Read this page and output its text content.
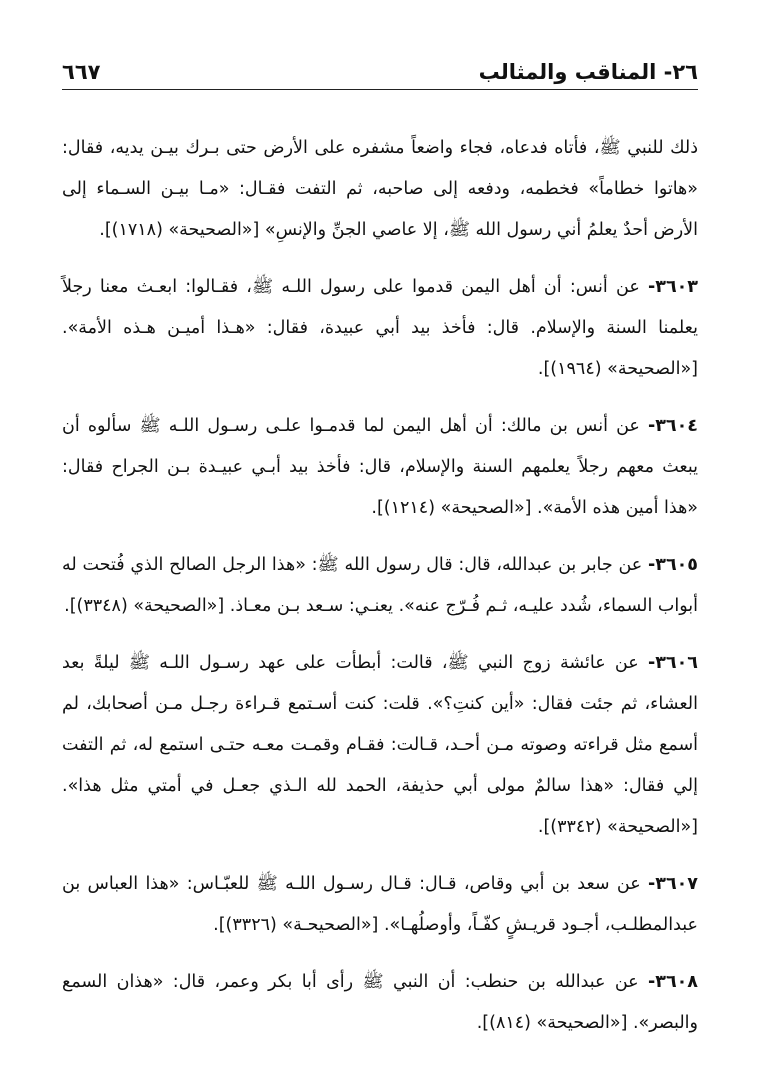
٢٦- المناقب والمثالب
٦٦٧

ذلك للنبي ﷺ، فأتاه فدعاه، فجاء واضعاً مشفره على الأرض حتى بـرك بيـن يديه، فقال: «هاتوا خطاماً» فخطمه، ودفعه إلى صاحبه، ثم التفت فقـال: «مـا بيـن السـماء إلى الأرض أحدٌ يعلمُ أني رسول الله ﷺ، إلا عاصي الجنِّ والإنسِ» [«الصحيحة» (١٧١٨)].

٣٦٠٣- عن أنس: أن أهل اليمن قدموا على رسول اللـه ﷺ، فقـالوا: ابعـث معنا رجلاً يعلمنا السنة والإسلام. قال: فأخذ بيد أبي عبيدة، فقال: «هـذا أميـن هـذه الأمة». [«الصحيحة» (١٩٦٤)].

٣٦٠٤- عن أنس بن مالك: أن أهل اليمن لما قدمـوا علـى رسـول اللـه ﷺ سألوه أن يبعث معهم رجلاً يعلمهم السنة والإسلام، قال: فأخذ بيد أبـي عبيـدة بـن الجراح فقال: «هذا أمين هذه الأمة». [«الصحيحة» (١٢١٤)].

٣٦٠٥- عن جابر بن عبدالله، قال: قال رسول الله ﷺ: «هذا الرجل الصالح الذي فُتحت له أبواب السماء، شُدد عليـه، ثـم فُـرّج عنه». يعنـي: سـعد بـن معـاذ. [«الصحيحة» (٣٣٤٨)].

٣٦٠٦- عن عائشة زوج النبي ﷺ، قالت: أبطأت على عهد رسـول اللـه ﷺ ليلةً بعد العشاء، ثم جئت فقال: «أين كنتِ؟». قلت: كنت أسـتمع قـراءة رجـل مـن أصحابك، لم أسمع مثل قراءته وصوته مـن أحـد، قـالت: فقـام وقمـت معـه حتـى استمع له، ثم التفت إلي فقال: «هذا سالمٌ مولى أبي حذيفة، الحمد لله الـذي جعـل في أمتي مثل هذا». [«الصحيحة» (٣٣٤٢)].

٣٦٠٧- عن سعد بن أبي وقاص، قـال: قـال رسـول اللـه ﷺ للعبّـاس: «هذا العباس بن عبدالمطلـب، أجـود قريـشٍ كفّـاً، وأوصلُهـا». [«الصحيحـة» (٣٣٢٦)].

٣٦٠٨- عن عبدالله بن حنطب: أن النبي ﷺ رأى أبا بكر وعمر، قال: «هذان السمع والبصر». [«الصحيحة» (٨١٤)].
